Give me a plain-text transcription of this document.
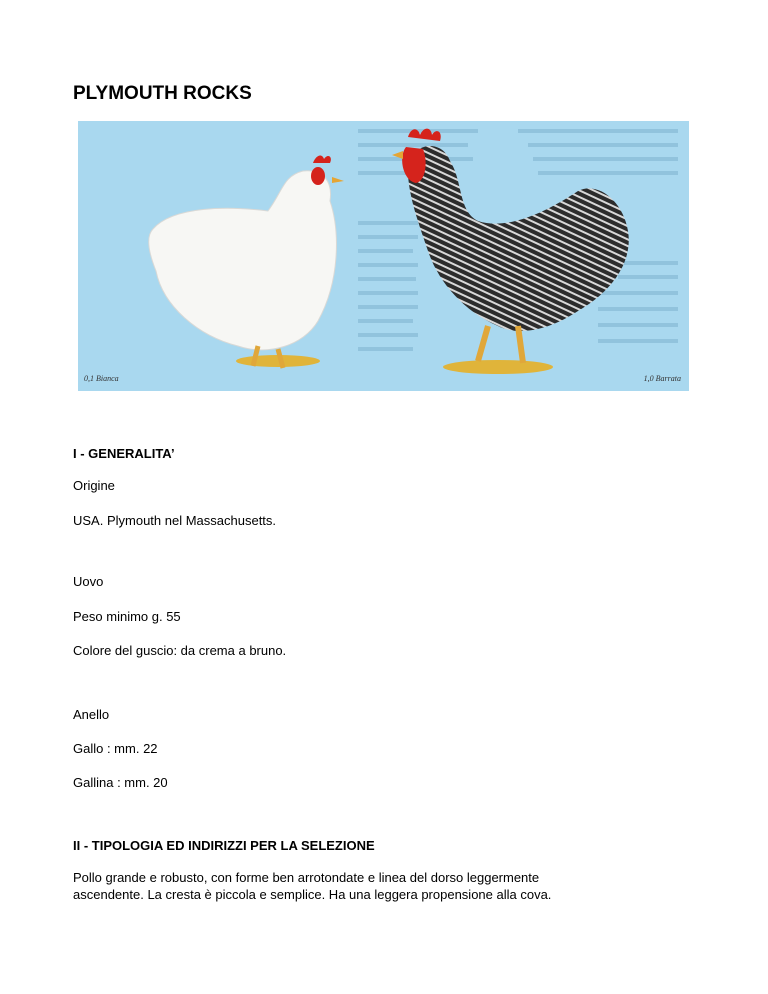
PLYMOUTH ROCKS
0,1 Bianca	1,0 Barrata
I - GENERALITA’
Origine
USA. Plymouth nel Massachusetts.
Uovo
Peso minimo g. 55
Colore del guscio: da crema a bruno.
Anello
Gallo : mm. 22
Gallina : mm. 20
II - TIPOLOGIA ED INDIRIZZI PER LA SELEZIONE
Pollo grande e robusto, con forme ben arrotondate e linea del dorso leggermente
ascendente. La cresta è piccola e semplice. Ha una leggera propensione alla cova.
